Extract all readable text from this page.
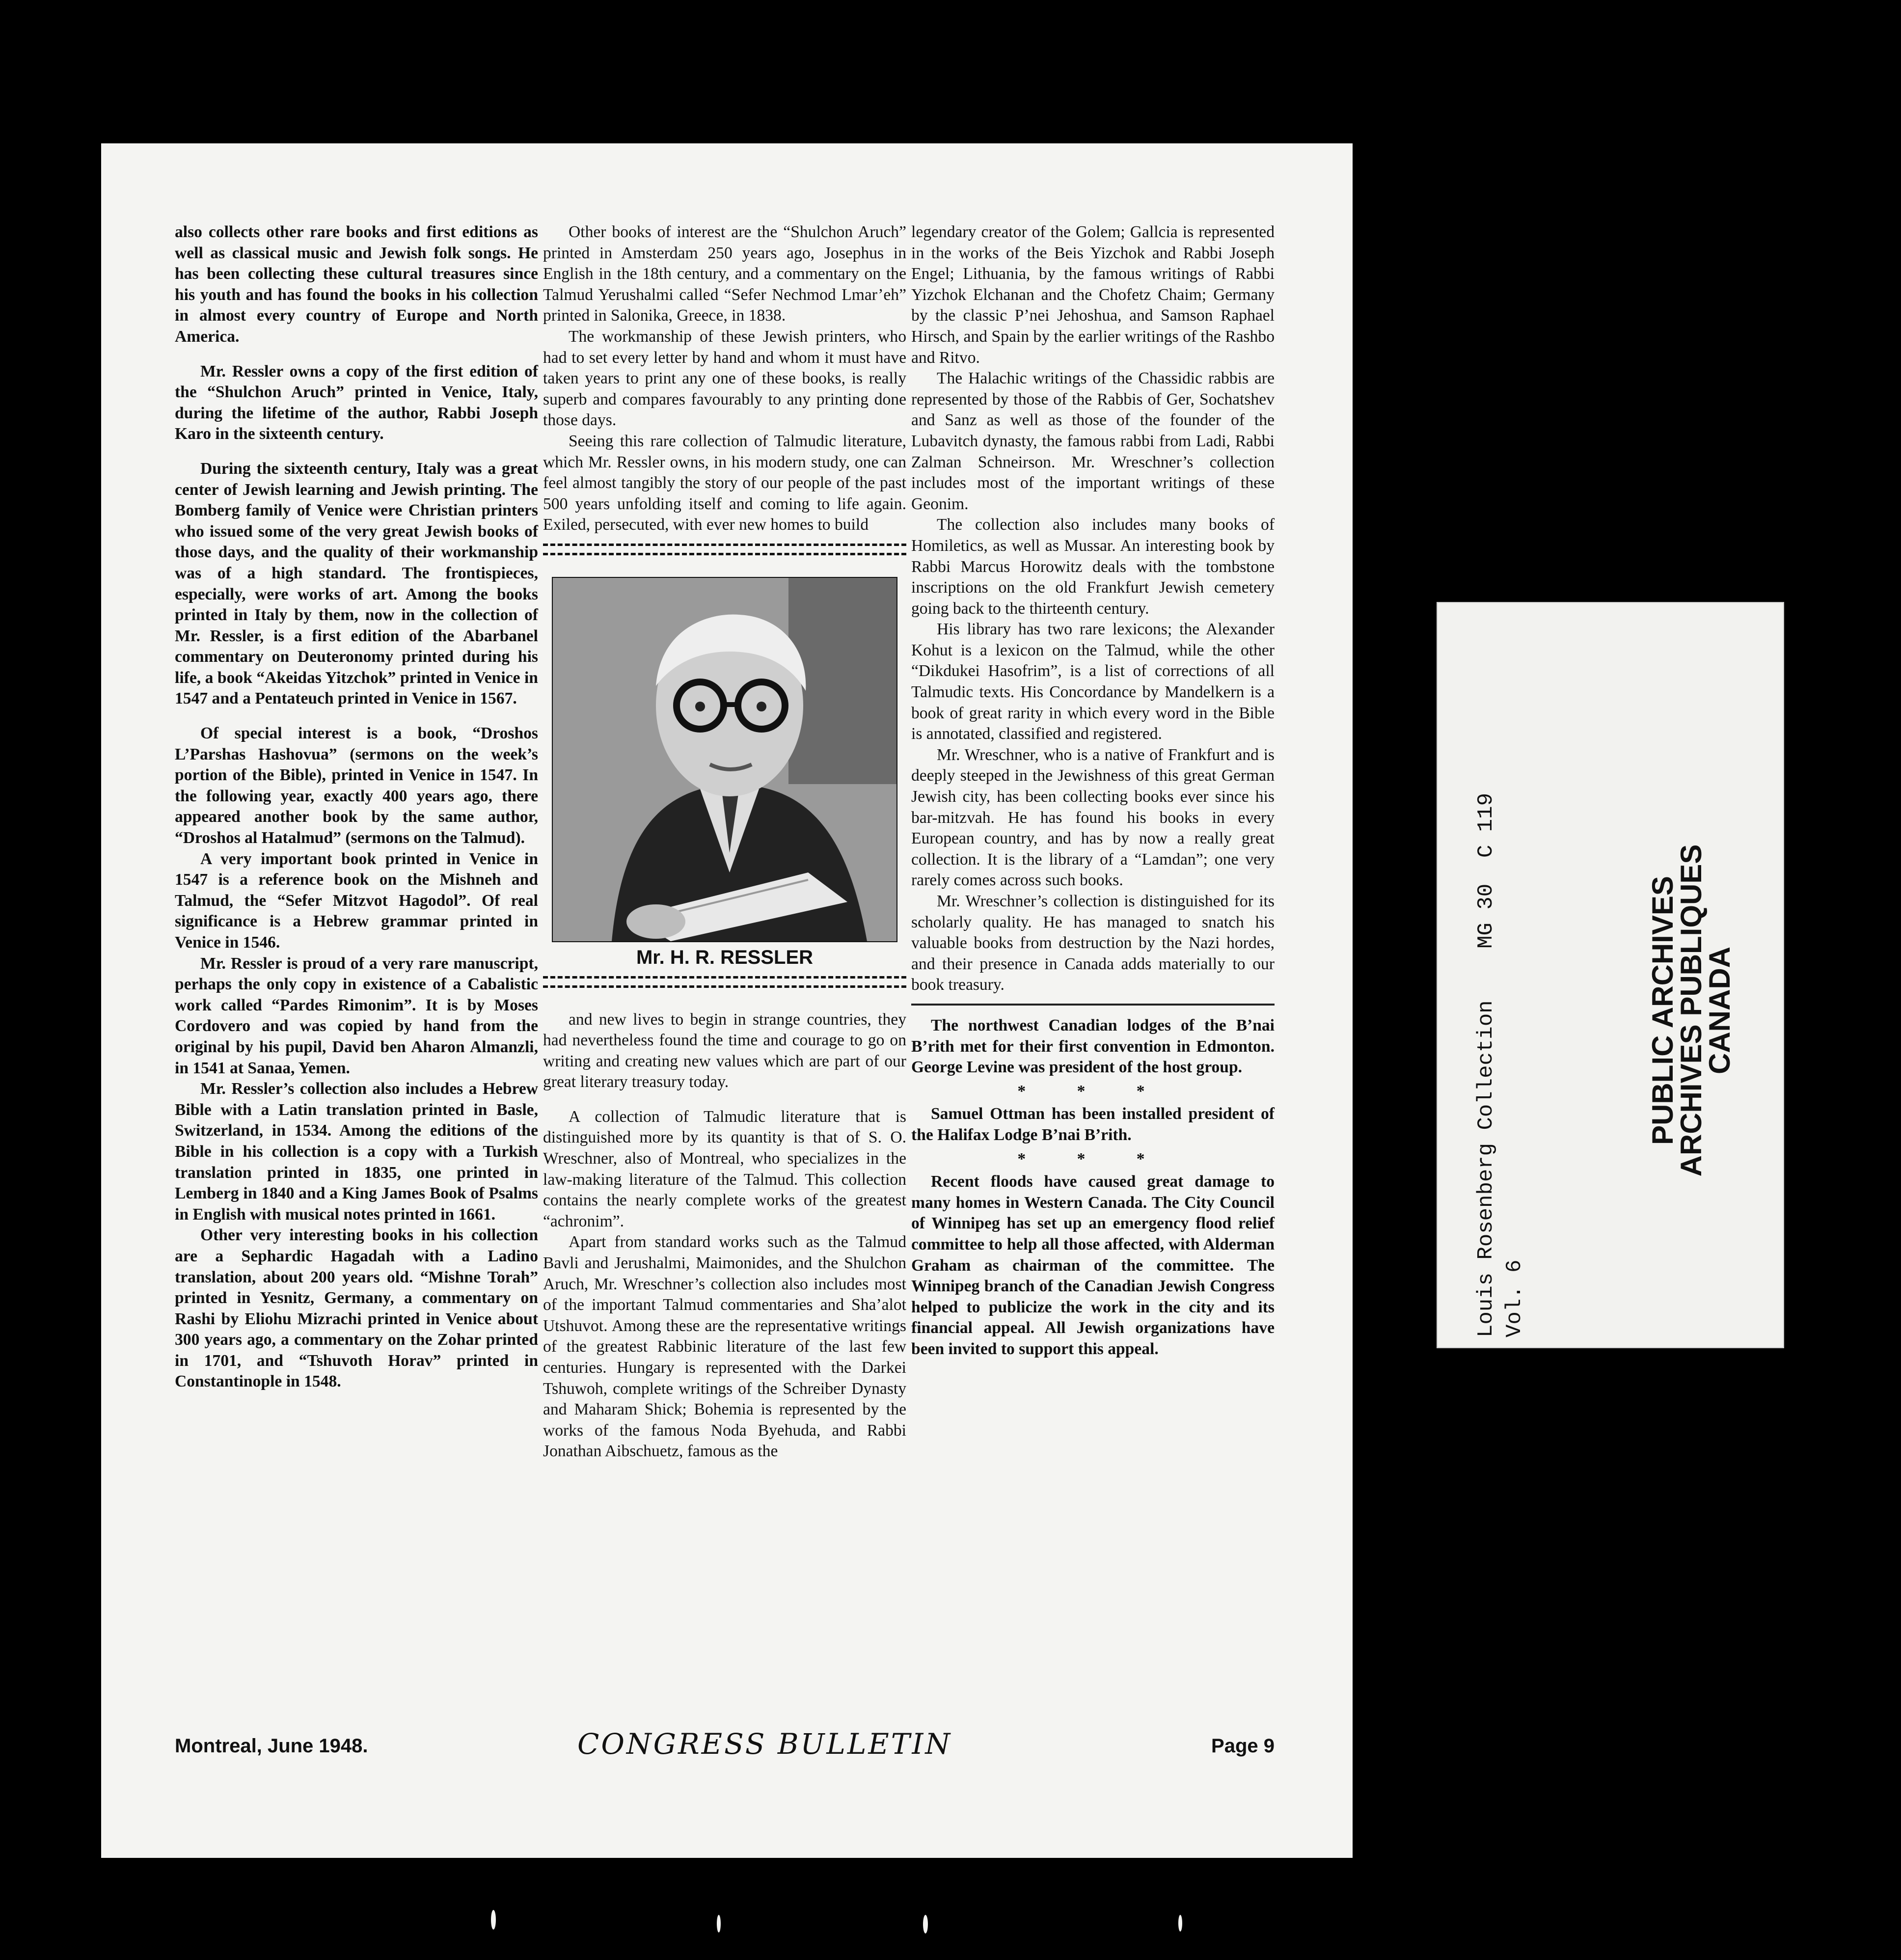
also collects other rare books and first editions as well as classical music and Jewish folk songs. He has been collecting these cultural treasures since his youth and has found the books in his collection in almost every country of Europe and North America.

Mr. Ressler owns a copy of the first edition of the “Shulchon Aruch” printed in Venice, Italy, during the lifetime of the author, Rabbi Joseph Karo in the sixteenth century.

During the sixteenth century, Italy was a great center of Jewish learning and Jewish printing. The Bomberg family of Venice were Christian printers who issued some of the very great Jewish books of those days, and the quality of their workmanship was of a high standard. The frontispieces, especially, were works of art. Among the books printed in Italy by them, now in the collection of Mr. Ressler, is a first edition of the Abarbanel commentary on Deuteronomy printed during his life, a book “Akeidas Yitzchok” printed in Venice in 1547 and a Pentateuch printed in Venice in 1567.

Of special interest is a book, “Droshos L’Parshas Hashovua” (sermons on the week’s portion of the Bible), printed in Venice in 1547. In the following year, exactly 400 years ago, there appeared another book by the same author, “Droshos al Hatalmud” (sermons on the Talmud).

A very important book printed in Venice in 1547 is a reference book on the Mishneh and Talmud, the “Sefer Mitzvot Hagodol”. Of real significance is a Hebrew grammar printed in Venice in 1546.

Mr. Ressler is proud of a very rare manuscript, perhaps the only copy in existence of a Cabalistic work called “Pardes Rimonim”. It is by Moses Cordovero and was copied by hand from the original by his pupil, David ben Aharon Almanzli, in 1541 at Sanaa, Yemen.

Mr. Ressler’s collection also includes a Hebrew Bible with a Latin translation printed in Basle, Switzerland, in 1534. Among the editions of the Bible in his collection is a copy with a Turkish translation printed in 1835, one printed in Lemberg in 1840 and a King James Book of Psalms in English with musical notes printed in 1661.

Other very interesting books in his collection are a Sephardic Hagadah with a Ladino translation, about 200 years old. “Mishne Torah” printed in Yesnitz, Germany, a commentary on Rashi by Eliohu Mizrachi printed in Venice about 300 years ago, a commentary on the Zohar printed in 1701, and “Tshuvoth Horav” printed in Constantinople in 1548.

Other books of interest are the “Shulchon Aruch” printed in Amsterdam 250 years ago, Josephus in English in the 18th century, and a commentary on the Talmud Yerushalmi called “Sefer Nechmod Lmar’eh” printed in Salonika, Greece, in 1838.

The workmanship of these Jewish printers, who had to set every letter by hand and whom it must have taken years to print any one of these books, is really superb and compares favourably to any printing done those days.

Seeing this rare collection of Talmudic literature, which Mr. Ressler owns, in his modern study, one can feel almost tangibly the story of our people of the past 500 years unfolding itself and coming to life again. Exiled, persecuted, with ever new homes to build

Mr. H. R. RESSLER

and new lives to begin in strange countries, they had nevertheless found the time and courage to go on writing and creating new values which are part of our great literary treasury today.

A collection of Talmudic literature that is distinguished more by its quantity is that of S. O. Wreschner, also of Montreal, who specializes in the law-making literature of the Talmud. This collection contains the nearly complete works of the greatest “achronim”.

Apart from standard works such as the Talmud Bavli and Jerushalmi, Maimonides, and the Shulchon Aruch, Mr. Wreschner’s collection also includes most of the important Talmud commentaries and Sha’alot Utshuvot. Among these are the representative writings of the greatest Rabbinic literature of the last few centuries. Hungary is represented with the Darkei Tshuwoh, complete writings of the Schreiber Dynasty and Maharam Shick; Bohemia is represented by the works of the famous Noda Byehuda, and Rabbi Jonathan Aibschuetz, famous as the

legendary creator of the Golem; Gallcia is represented in the works of the Beis Yizchok and Rabbi Joseph Engel; Lithuania, by the famous writings of Rabbi Yizchok Elchanan and the Chofetz Chaim; Germany by the classic P’nei Jehoshua, and Samson Raphael Hirsch, and Spain by the earlier writings of the Rashbo and Ritvo.

The Halachic writings of the Chassidic rabbis are represented by those of the Rabbis of Ger, Sochatshev and Sanz as well as those of the founder of the Lubavitch dynasty, the famous rabbi from Ladi, Rabbi Zalman Schneirson. Mr. Wreschner’s collection includes most of the important writings of these Geonim.

The collection also includes many books of Homiletics, as well as Mussar. An interesting book by Rabbi Marcus Horowitz deals with the tombstone inscriptions on the old Frankfurt Jewish cemetery going back to the thirteenth century.

His library has two rare lexicons; the Alexander Kohut is a lexicon on the Talmud, while the other “Dikdukei Hasofrim”, is a list of corrections of all Talmudic texts. His Concordance by Mandelkern is a book of great rarity in which every word in the Bible is annotated, classified and registered.

Mr. Wreschner, who is a native of Frankfurt and is deeply steeped in the Jewishness of this great German Jewish city, has been collecting books ever since his bar-mitzvah. He has found his books in every European country, and has by now a really great collection. It is the library of a “Lamdan”; one very rarely comes across such books.

Mr. Wreschner’s collection is distinguished for its scholarly quality. He has managed to snatch his valuable books from destruction by the Nazi hordes, and their presence in Canada adds materially to our book treasury.

The northwest Canadian lodges of the B’nai B’rith met for their first convention in Edmonton. George Levine was president of the host group.

* * *

Samuel Ottman has been installed president of the Halifax Lodge B’nai B’rith.

* * *

Recent floods have caused great damage to many homes in Western Canada. The City Council of Winnipeg has set up an emergency flood relief committee to help all those affected, with Alderman Graham as chairman of the committee. The Winnipeg branch of the Canadian Jewish Congress helped to publicize the work in the city and its financial appeal. All Jewish organizations have been invited to support this appeal.

Montreal, June 1948.	CONGRESS BULLETIN	Page 9
Louis Rosenberg Collection    MG 30  C 119
Vol. 6
PUBLIC ARCHIVES
ARCHIVES PUBLIQUES
CANADA
